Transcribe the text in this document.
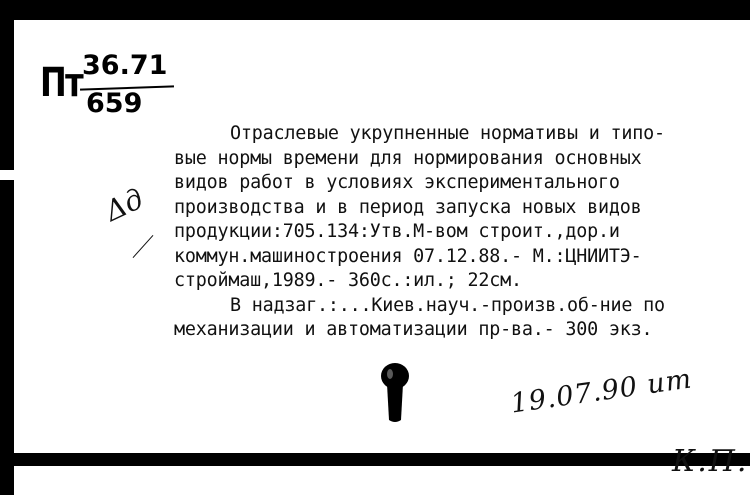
Пт 36.71
659
Δд
Отраслевые укрупненные нормативы и типо-
вые нормы времени для нормирования основных
видов работ в условиях экспериментального
производства и в период запуска новых видов
продукции:705.134:Утв.М-вом строит.,дор.и
коммун.машиностроения 07.12.88.- М.:ЦНИИТЭ-
строймаш,1989.- 360с.:ил.; 22см.
В надзаг.:...Киев.науч.-произв.об-ние по
механизации и автоматизации пр-ва.- 300 экз.
19.07.90 ит
К.П.
